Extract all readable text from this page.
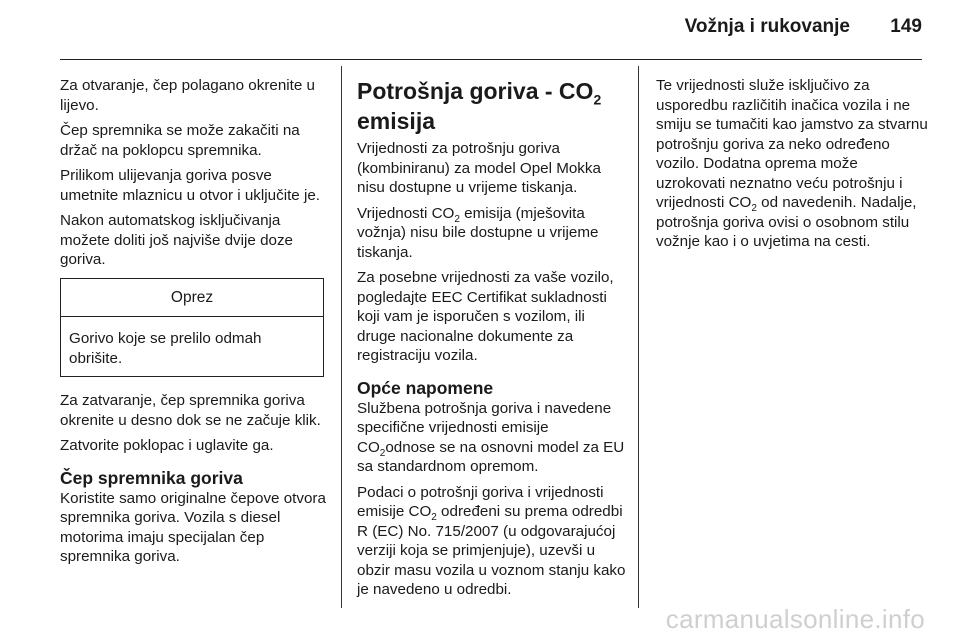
Vožnja i rukovanje	149

Za otvaranje, čep polagano okrenite u lijevo.

Čep spremnika se može zakačiti na držač na poklopcu spremnika.

Prilikom ulijevanja goriva posve umetnite mlaznicu u otvor i uključite je.

Nakon automatskog isključivanja možete doliti još najviše dvije doze goriva.

Oprez
Gorivo koje se prelilo odmah obrišite.

Za zatvaranje, čep spremnika goriva okrenite u desno dok se ne začuje klik.

Zatvorite poklopac i uglavite ga.

Čep spremnika goriva

Koristite samo originalne čepove otvora spremnika goriva. Vozila s diesel motorima imaju specijalan čep spremnika goriva.

Potrošnja goriva - $CO_2$
emisija

Vrijednosti za potrošnju goriva (kombiniranu) za model Opel Mokka nisu dostupne u vrijeme tiskanja.

Vrijednosti $CO_2$ emisija (mješovita vožnja) nisu bile dostupne u vrijeme tiskanja.

Za posebne vrijednosti za vaše vozilo, pogledajte EEC Certifikat sukladnosti koji vam je isporučen s vozilom, ili druge nacionalne dokumente za registraciju vozila.

Opće napomene

Službena potrošnja goriva i navedene specifične vrijednosti emisije $CO_2odnose$ se na osnovni model za EU sa standardnom opremom.

Podaci o potrošnji goriva i vrijednosti emisije $CO_2$ određeni su prema odredbi R (EC) No. 715/2007 (u odgovarajućoj verziji koja se primjenjuje), uzevši u obzir masu vozila u voznom stanju kako je navedeno u odredbi.

Te vrijednosti služe isključivo za usporedbu različitih inačica vozila i ne smiju se tumačiti kao jamstvo za stvarnu potrošnju goriva za neko određeno vozilo. Dodatna oprema može uzrokovati neznatno veću potrošnju i vrijednosti $CO_2$ od navedenih. Nadalje, potrošnja goriva ovisi o osobnom stilu vožnje kao i o uvjetima na cesti.

carmanualsonline.info
